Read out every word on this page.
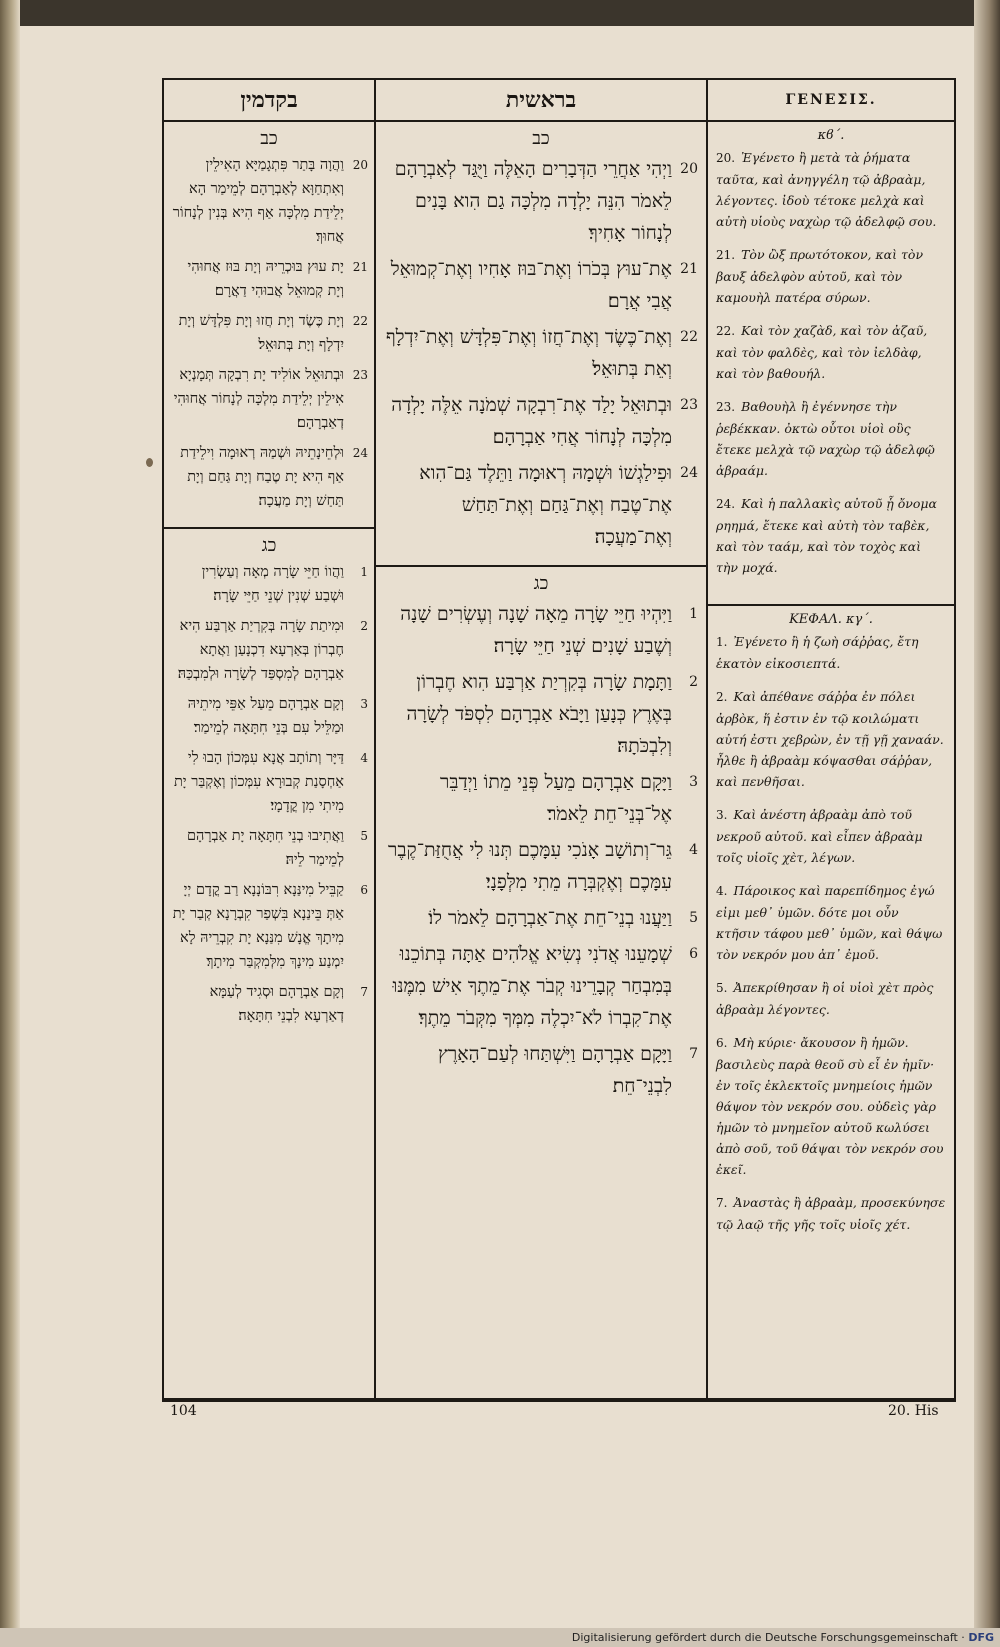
בקדמין
כב
20
וַהֲוָה בָּתַר פִּתְגָמַיָּא הָאִילֵין וְאִתְחַוָּא לְאַבְרָהָם לְמֵימַר הָא יְלֵידַת מִלְכָּה אַף הִיא בְּנִין לְנָחוֹר אֲחוּךְ׃
21
יָת עוּץ בּוּכְרֵיהּ וְיָת בּוּז אֲחוּהִי וְיָת קְמוּאֵל אֲבוּהִי דַאֲרָם׃
22
וְיָת כֶּשֶׂד וְיָת חֲזוּ וְיָת פִּלְדָּשׁ וְיָת יִדְלָף וְיָת בְּתוּאֵל׃
23
וּבְתוּאֵל אוֹלִיד יָת רִבְקָה תְּמָנְיָא אִילֵין יְלֵידַת מִלְכָּה לְנָחוֹר אֲחוּהִי דְאַבְרָהָם׃
24
וּלְחֵינָתֵיהּ וּשְׁמַהּ רְאוּמָה וִילֵידַת אַף הִיא יָת טֶבַח וְיָת גַּחַם וְיָת תַּחַשׁ וְיָת מַעֲכָה׃
כג
1
וַהֲווֹ חַיֵּי שָׂרָה מְאָה וְעַשְׂרִין וּשְׁבַע שְׁנִין שְׁנֵי חַיֵּי שָׂרָה׃
2
וּמִיתַת שָׂרָה בְּקִרְיַת אַרְבַּע הִיא חֶבְרוֹן בְּאַרְעָא דִכְנָעַן וַאֲתָא אַבְרָהָם לְמִסְפַּד לְשָׂרָה וּלְמִבְכַּהּ׃
3
וְקָם אַבְרָהָם מֵעַל אַפֵּי מִיתֵיהּ וּמַלֵּיל עִם בְּנֵי חִתָּאָה לְמֵימַר׃
4
דַּיָּר וְתוֹתָב אֲנָא עִמְּכוֹן הָבוּ לִי אַחְסָנַת קְבוּרָא עִמְּכוֹן וְאֶקְבַּר יָת מִיתִי מִן קֳדָמָי׃
5
וַאֲתִיבוּ בְנֵי חִתָּאָה יָת אַבְרָהָם לְמֵימַר לֵיהּ׃
6
קַבֵּיל מִינַּנָא רִבּוֹנָנָא רַב קֳדָם יְיָ אַתְּ בֵּינַנָא בִּשְׁפַר קִבְרָנָא קְבַר יָת מִיתָךְ אֱנָשׁ מִנַּנָא יָת קִבְרֵיהּ לָא יִמְנַע מִינָךְ מִלְּמִקְבַּר מִיתָךְ׃
7
וְקָם אַבְרָהָם וּסְגִיד לְעַמָּא דְאַרְעָא לִבְנֵי חִתָּאָה׃
בראשית
כב
20
וַיְהִי אַחֲרֵי הַדְּבָרִים הָאֵלֶּה וַיֻּגַּד לְאַבְרָהָם לֵאמֹר הִנֵּה יָלְדָה מִלְכָּה גַם הִוא בָּנִים לְנָחוֹר אָחִיךָ׃
21
אֶת־עוּץ בְּכֹרוֹ וְאֶת־בּוּז אָחִיו וְאֶת־קְמוּאֵל אֲבִי אֲרָם׃
22
וְאֶת־כֶּשֶׂד וְאֶת־חֲזוֹ וְאֶת־פִּלְדָּשׁ וְאֶת־יִדְלָף וְאֵת בְּתוּאֵל׃
23
וּבְתוּאֵל יָלַד אֶת־רִבְקָה שְׁמֹנָה אֵלֶּה יָלְדָה מִלְכָּה לְנָחוֹר אֲחִי אַבְרָהָם׃
24
וּפִילַגְשׁוֹ וּשְׁמָהּ רְאוּמָה וַתֵּלֶד גַּם־הִוא אֶת־טֶבַח וְאֶת־גַּחַם וְאֶת־תַּחַשׁ וְאֶת־מַעֲכָה׃
כג
1
וַיִּהְיוּ חַיֵּי שָׂרָה מֵאָה שָׁנָה וְעֶשְׂרִים שָׁנָה וְשֶׁבַע שָׁנִים שְׁנֵי חַיֵּי שָׂרָה׃
2
וַתָּמָת שָׂרָה בְּקִרְיַת אַרְבַּע הִוא חֶבְרוֹן בְּאֶרֶץ כְּנָעַן וַיָּבֹא אַבְרָהָם לִסְפֹּד לְשָׂרָה וְלִבְכֹּתָהּ׃
3
וַיָּקָם אַבְרָהָם מֵעַל פְּנֵי מֵתוֹ וַיְדַבֵּר אֶל־בְּנֵי־חֵת לֵאמֹר׃
4
גֵּר־וְתוֹשָׁב אָנֹכִי עִמָּכֶם תְּנוּ לִי אֲחֻזַּת־קֶבֶר עִמָּכֶם וְאֶקְבְּרָה מֵתִי מִלְּפָנָי׃
5
וַיַּעֲנוּ בְנֵי־חֵת אֶת־אַבְרָהָם לֵאמֹר לוֹ׃
6
שְׁמָעֵנוּ אֲדֹנִי נְשִׂיא אֱלֹהִים אַתָּה בְּתוֹכֵנוּ בְּמִבְחַר קְבָרֵינוּ קְבֹר אֶת־מֵתֶךָ אִישׁ מִמֶּנּוּ אֶת־קִבְרוֹ לֹא־יִכְלֶה מִמְּךָ מִקְּבֹר מֵתֶךָ׃
7
וַיָּקָם אַבְרָהָם וַיִּשְׁתַּחוּ לְעַם־הָאָרֶץ לִבְנֵי־חֵת׃
ΓΕΝΕΣΙΣ.
κϐ΄.
20. Ἐγένετο ἢ μετὰ τὰ ῥήματα ταῦτα, καὶ ἀνηγγέλη τῷ ἀβραὰμ, λέγοντες. ἰδοὺ τέτοκε μελχὰ καὶ αὐτὴ υἱοὺς ναχὼρ τῷ ἀδελφῷ σου.
21. Τὸν ὢξ πρωτότοκον, καὶ τὸν βαυξ ἀδελφὸν αὐτοῦ, καὶ τὸν καμουὴλ πατέρα σύρων.
22. Καὶ τὸν χαζὰδ, καὶ τὸν ἀζαῦ, καὶ τὸν φαλδὲς, καὶ τὸν ἰελδὰφ, καὶ τὸν βαθουήλ.
23. Βαθουὴλ ἢ ἐγέννησε τὴν ῥεβέκκαν. ὀκτὼ οὗτοι υἱοὶ οὓς ἔτεκε μελχὰ τῷ ναχὼρ τῷ ἀδελφῷ ἀβραάμ.
24. Καὶ ἡ παλλακὶς αὐτοῦ ᾗ ὄνομα ρηημά, ἔτεκε καὶ αὐτὴ τὸν ταβὲκ, καὶ τὸν ταάμ, καὶ τὸν τοχὸς καὶ τὴν μοχά.
ΚΕΦΑΛ. κγ΄.
1. Ἐγένετο ἢ ἡ ζωὴ σάῤῥας, ἔτη ἑκατὸν εἰκοσιεπτά.
2. Καὶ ἀπέθανε σάῤῥα ἐν πόλει ἀρβὸκ, ἥ ἐστιν ἐν τῷ κοιλώματι αὐτή ἐστι χεβρὼν, ἐν τῇ γῇ χαναάν. ἦλθε ἢ ἀβραὰμ κόψασθαι σάῤῥαν, καὶ πενθῆσαι.
3. Καὶ ἀνέστη ἀβραὰμ ἀπὸ τοῦ νεκροῦ αὐτοῦ. καὶ εἶπεν ἀβραὰμ τοῖς υἱοῖς χὲτ, λέγων.
4. Πάροικος καὶ παρεπίδημος ἐγώ εἰμι μεθ᾽ ὑμῶν. δότε μοι οὖν κτῆσιν τάφου μεθ᾽ ὑμῶν, καὶ θάψω τὸν νεκρόν μου ἀπ᾽ ἐμοῦ.
5. Ἀπεκρίθησαν ἢ οἱ υἱοὶ χὲτ πρὸς ἀβραὰμ λέγοντες.
6. Μὴ κύριε· ἄκουσον ἢ ἡμῶν. βασιλεὺς παρὰ θεοῦ σὺ εἶ ἐν ἡμῖν· ἐν τοῖς ἐκλεκτοῖς μνημείοις ἡμῶν θάψον τὸν νεκρόν σου. οὐδεὶς γὰρ ἡμῶν τὸ μνημεῖον αὐτοῦ κωλύσει ἀπὸ σοῦ, τοῦ θάψαι τὸν νεκρόν σου ἐκεῖ.
7. Ἀναστὰς ἢ ἀβραὰμ, προσεκύνησε τῷ λαῷ τῆς γῆς τοῖς υἱοῖς χέτ.
104	20. His
Digitalisierung gefördert durch die Deutsche Forschungsgemeinschaft · DFG
